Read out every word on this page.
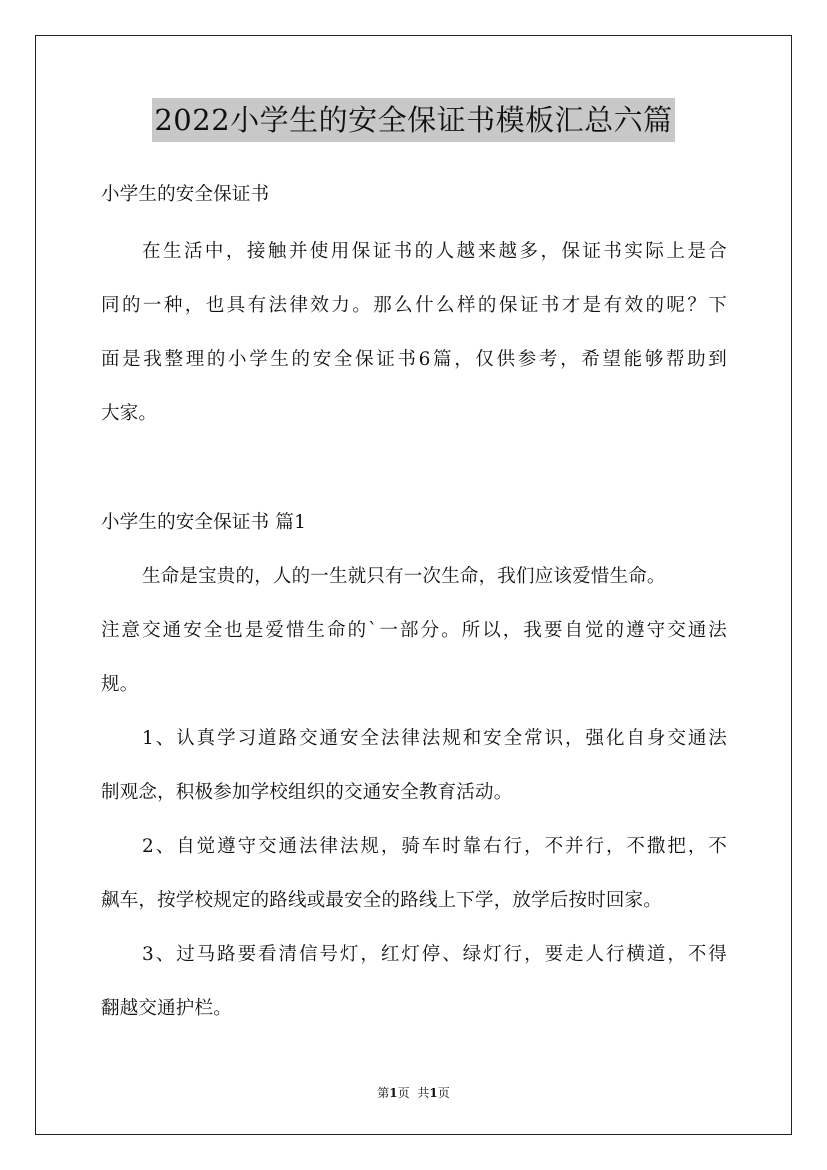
2022小学生的安全保证书模板汇总六篇
小学生的安全保证书
在生活中，接触并使用保证书的人越来越多，保证书实际上是合
同的一种，也具有法律效力。那么什么样的保证书才是有效的呢？下
面是我整理的小学生的安全保证书6篇，仅供参考，希望能够帮助到
大家。
小学生的安全保证书 篇1
生命是宝贵的，人的一生就只有一次生命，我们应该爱惜生命。
注意交通安全也是爱惜生命的`一部分。所以，我要自觉的遵守交通法
规。
1、认真学习道路交通安全法律法规和安全常识，强化自身交通法
制观念，积极参加学校组织的交通安全教育活动。
2、自觉遵守交通法律法规，骑车时靠右行，不并行，不撒把，不
飙车，按学校规定的路线或最安全的路线上下学，放学后按时回家。
3、过马路要看清信号灯，红灯停、绿灯行，要走人行横道，不得
翻越交通护栏。
第1页 共1页
